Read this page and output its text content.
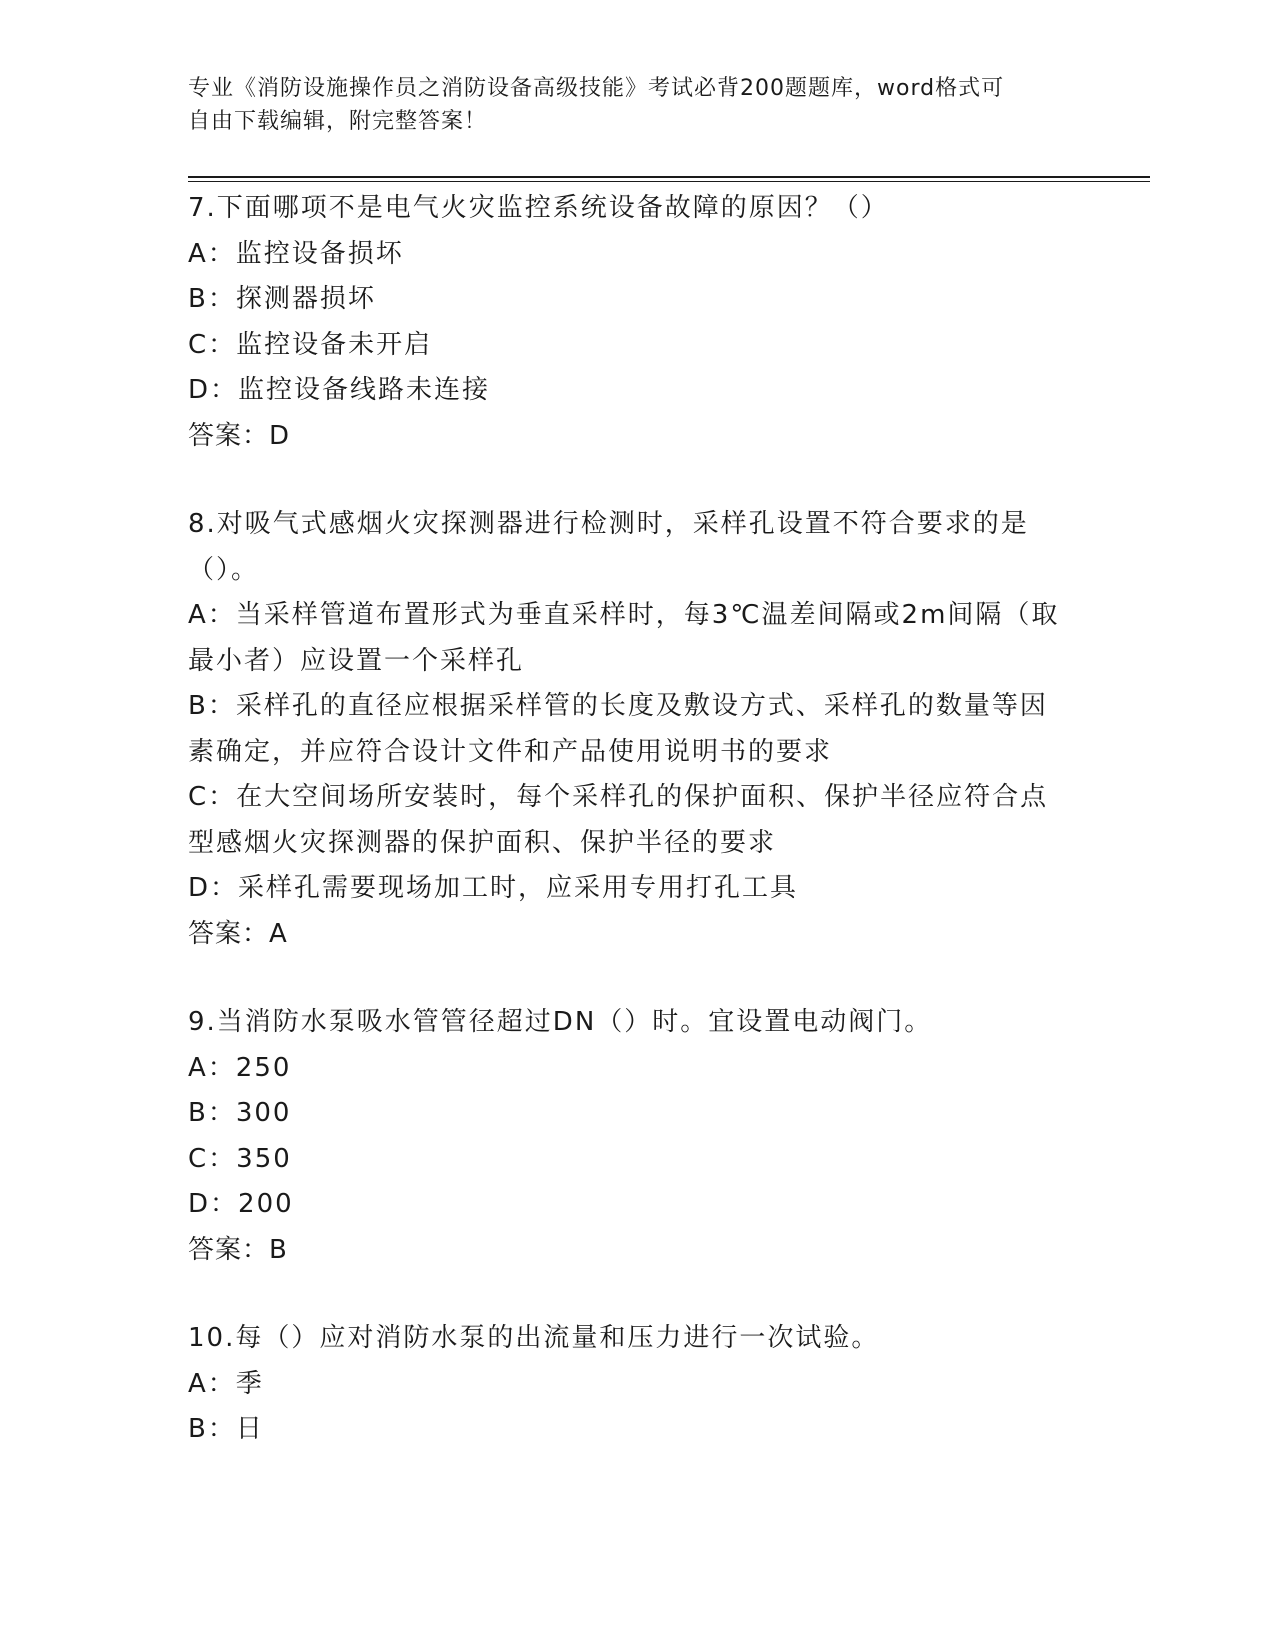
专业《消防设施操作员之消防设备高级技能》考试必背200题题库，word格式可
自由下载编辑，附完整答案！

7.下面哪项不是电气火灾监控系统设备故障的原因？（）

A：监控设备损坏

B：探测器损坏

C：监控设备未开启

D：监控设备线路未连接

答案：D

8.对吸气式感烟火灾探测器进行检测时，采样孔设置不符合要求的是

（）。

A：当采样管道布置形式为垂直采样时，每3℃温差间隔或2m间隔（取

最小者）应设置一个采样孔

B：采样孔的直径应根据采样管的长度及敷设方式、采样孔的数量等因

素确定，并应符合设计文件和产品使用说明书的要求

C：在大空间场所安装时，每个采样孔的保护面积、保护半径应符合点

型感烟火灾探测器的保护面积、保护半径的要求

D：采样孔需要现场加工时，应采用专用打孔工具

答案：A

9.当消防水泵吸水管管径超过DN（）时。宜设置电动阀门。

A：250

B：300

C：350

D：200

答案：B

10.每（）应对消防水泵的出流量和压力进行一次试验。

A：季

B：日
